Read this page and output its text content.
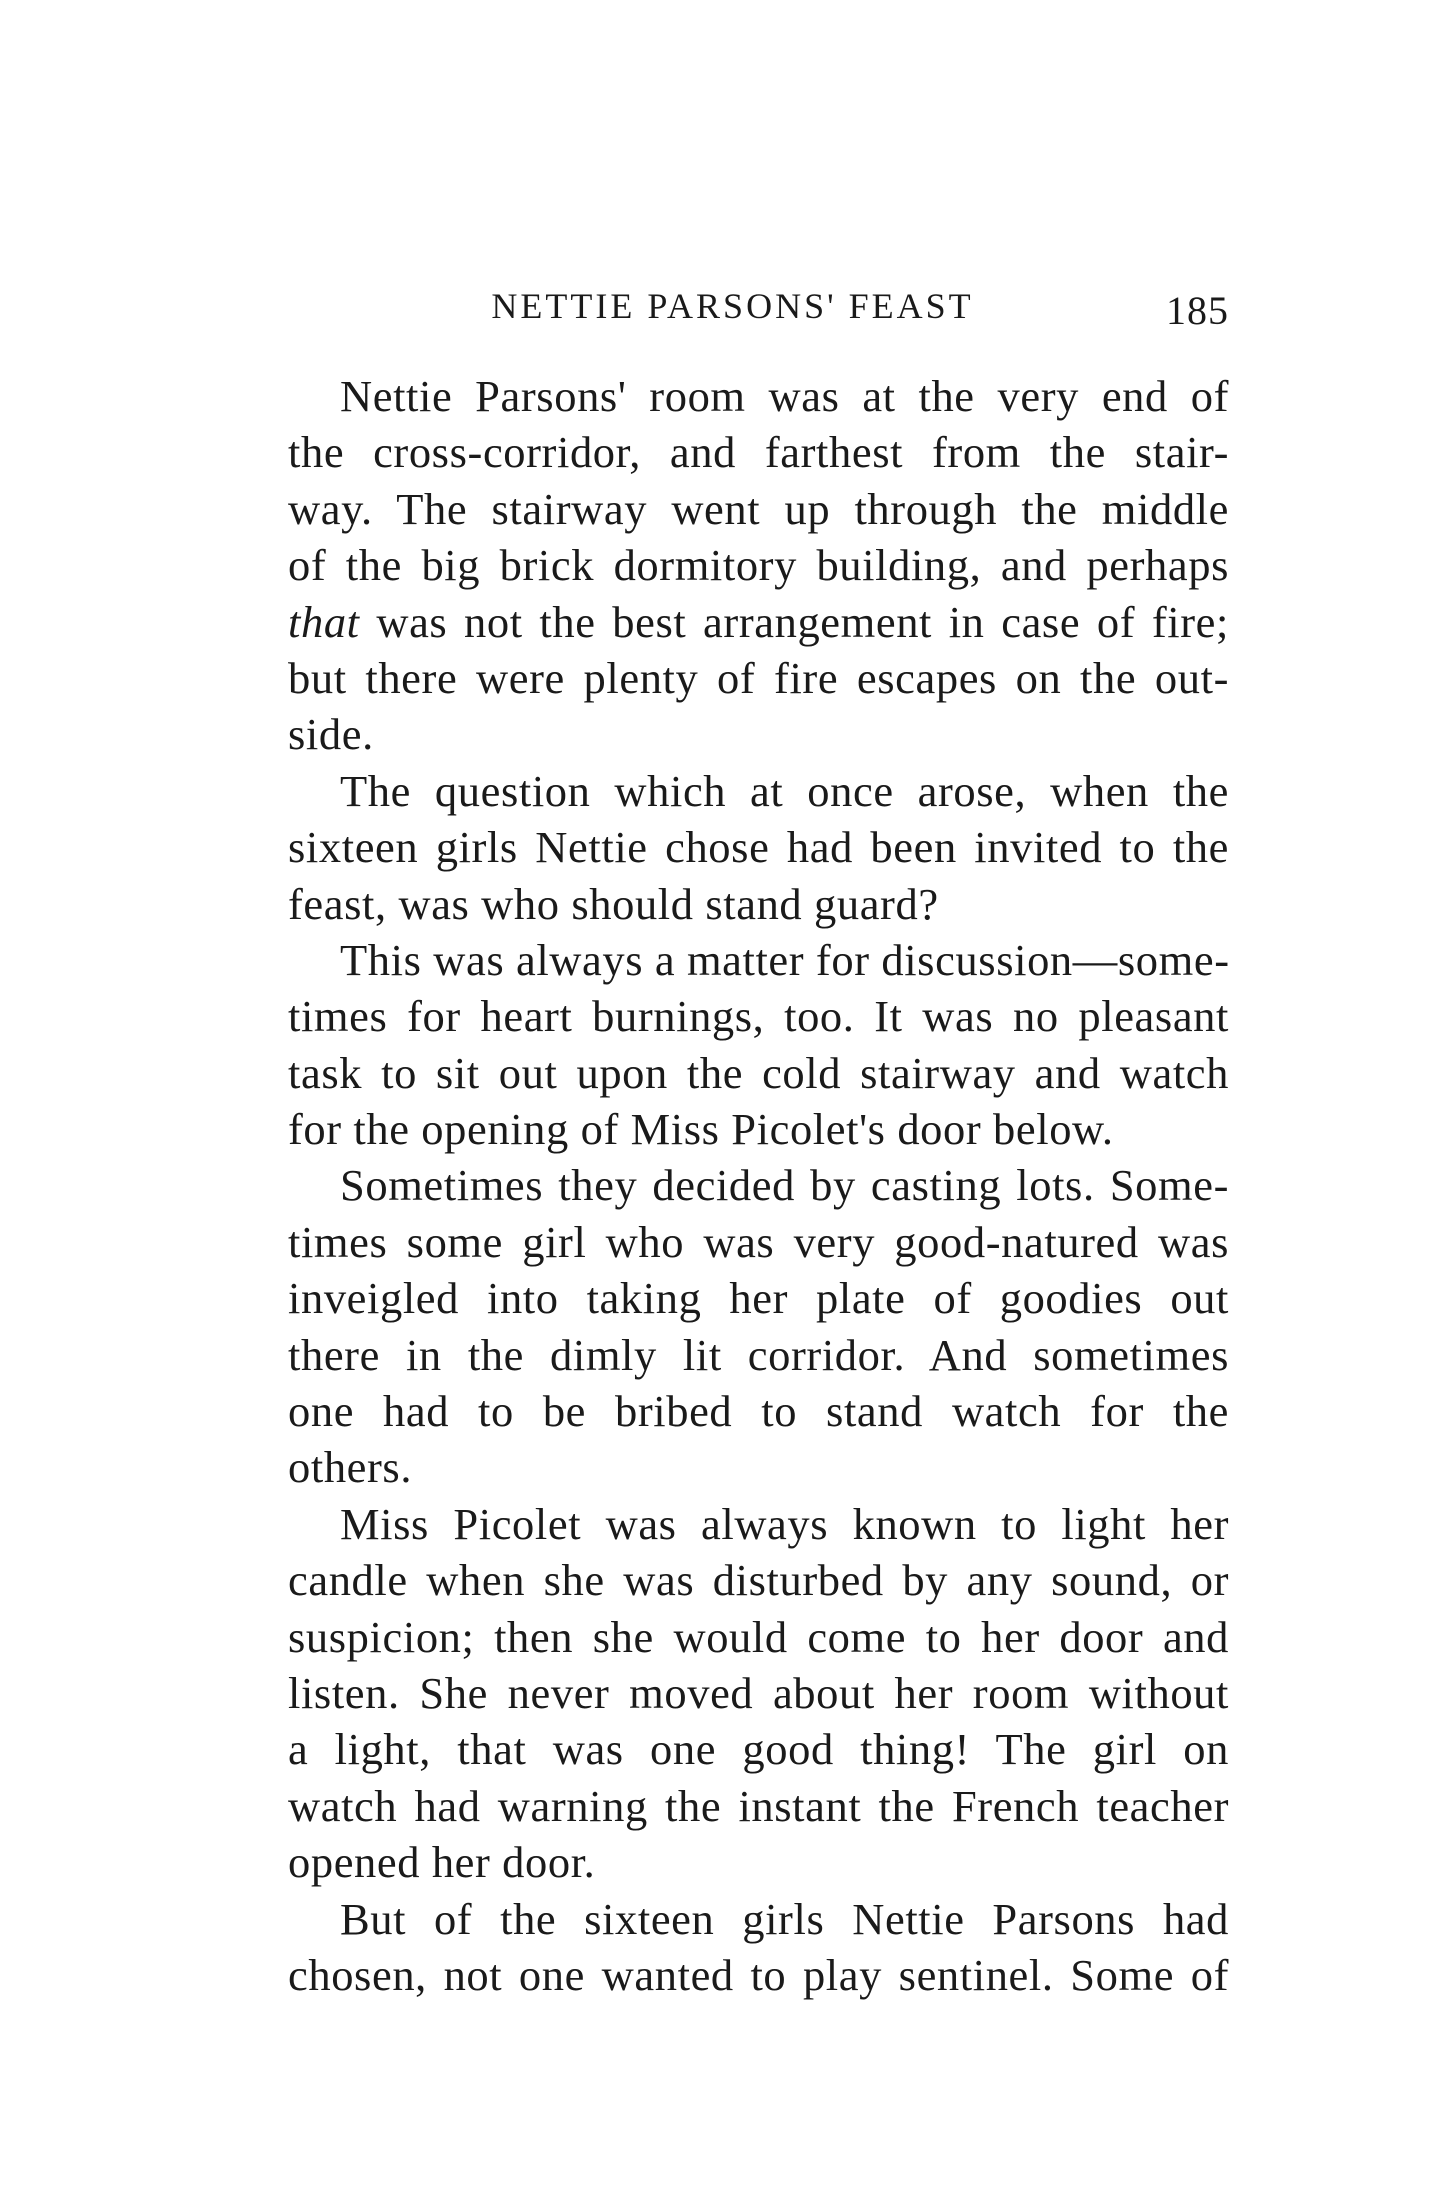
NETTIE PARSONS' FEAST	185
Nettie Parsons' room was at the very end of
the cross-corridor, and farthest from the stair-
way. The stairway went up through the middle
of the big brick dormitory building, and perhaps
that was not the best arrangement in case of fire;
but there were plenty of fire escapes on the out-
side.
The question which at once arose, when the
sixteen girls Nettie chose had been invited to the
feast, was who should stand guard?
This was always a matter for discussion—some-
times for heart burnings, too. It was no pleasant
task to sit out upon the cold stairway and watch
for the opening of Miss Picolet's door below.
Sometimes they decided by casting lots. Some-
times some girl who was very good-natured was
inveigled into taking her plate of goodies out
there in the dimly lit corridor. And sometimes
one had to be bribed to stand watch for the
others.
Miss Picolet was always known to light her
candle when she was disturbed by any sound, or
suspicion; then she would come to her door and
listen. She never moved about her room without
a light, that was one good thing! The girl on
watch had warning the instant the French teacher
opened her door.
But of the sixteen girls Nettie Parsons had
chosen, not one wanted to play sentinel. Some of
